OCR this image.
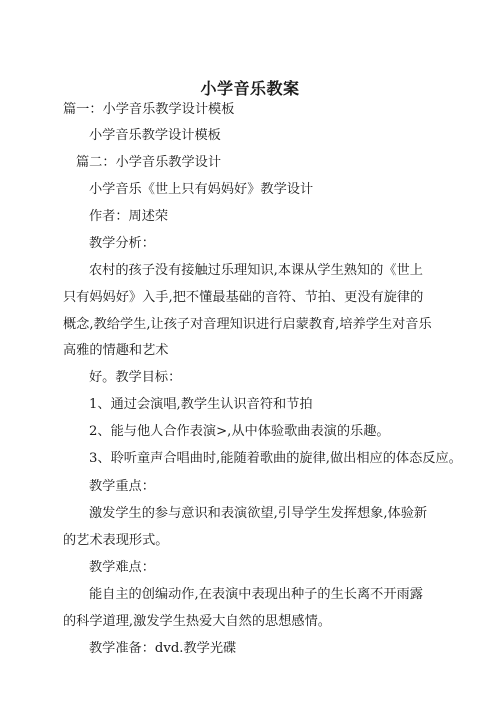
小学音乐教案
篇一：小学音乐教学设计模板
小学音乐教学设计模板
篇二：小学音乐教学设计
小学音乐《世上只有妈妈好》教学设计
作者：周述荣
教学分析：
农村的孩子没有接触过乐理知识,本课从学生熟知的《世上只有妈妈好》入手,把不懂最基础的音符、节拍、更没有旋律的概念,教给学生,让孩子对音理知识进行启蒙教育,培养学生对音乐高雅的情趣和艺术
好。教学目标：
1、通过会演唱,教学生认识音符和节拍
2、能与他人合作表演>,从中体验歌曲表演的乐趣。
3、聆听童声合唱曲时,能随着歌曲的旋律,做出相应的体态反应。
教学重点：
激发学生的参与意识和表演欲望,引导学生发挥想象,体验新的艺术表现形式。
教学难点：
能自主的创编动作,在表演中表现出种子的生长离不开雨露的科学道理,激发学生热爱大自然的思想感情。
教学准备：dvd.教学光碟
